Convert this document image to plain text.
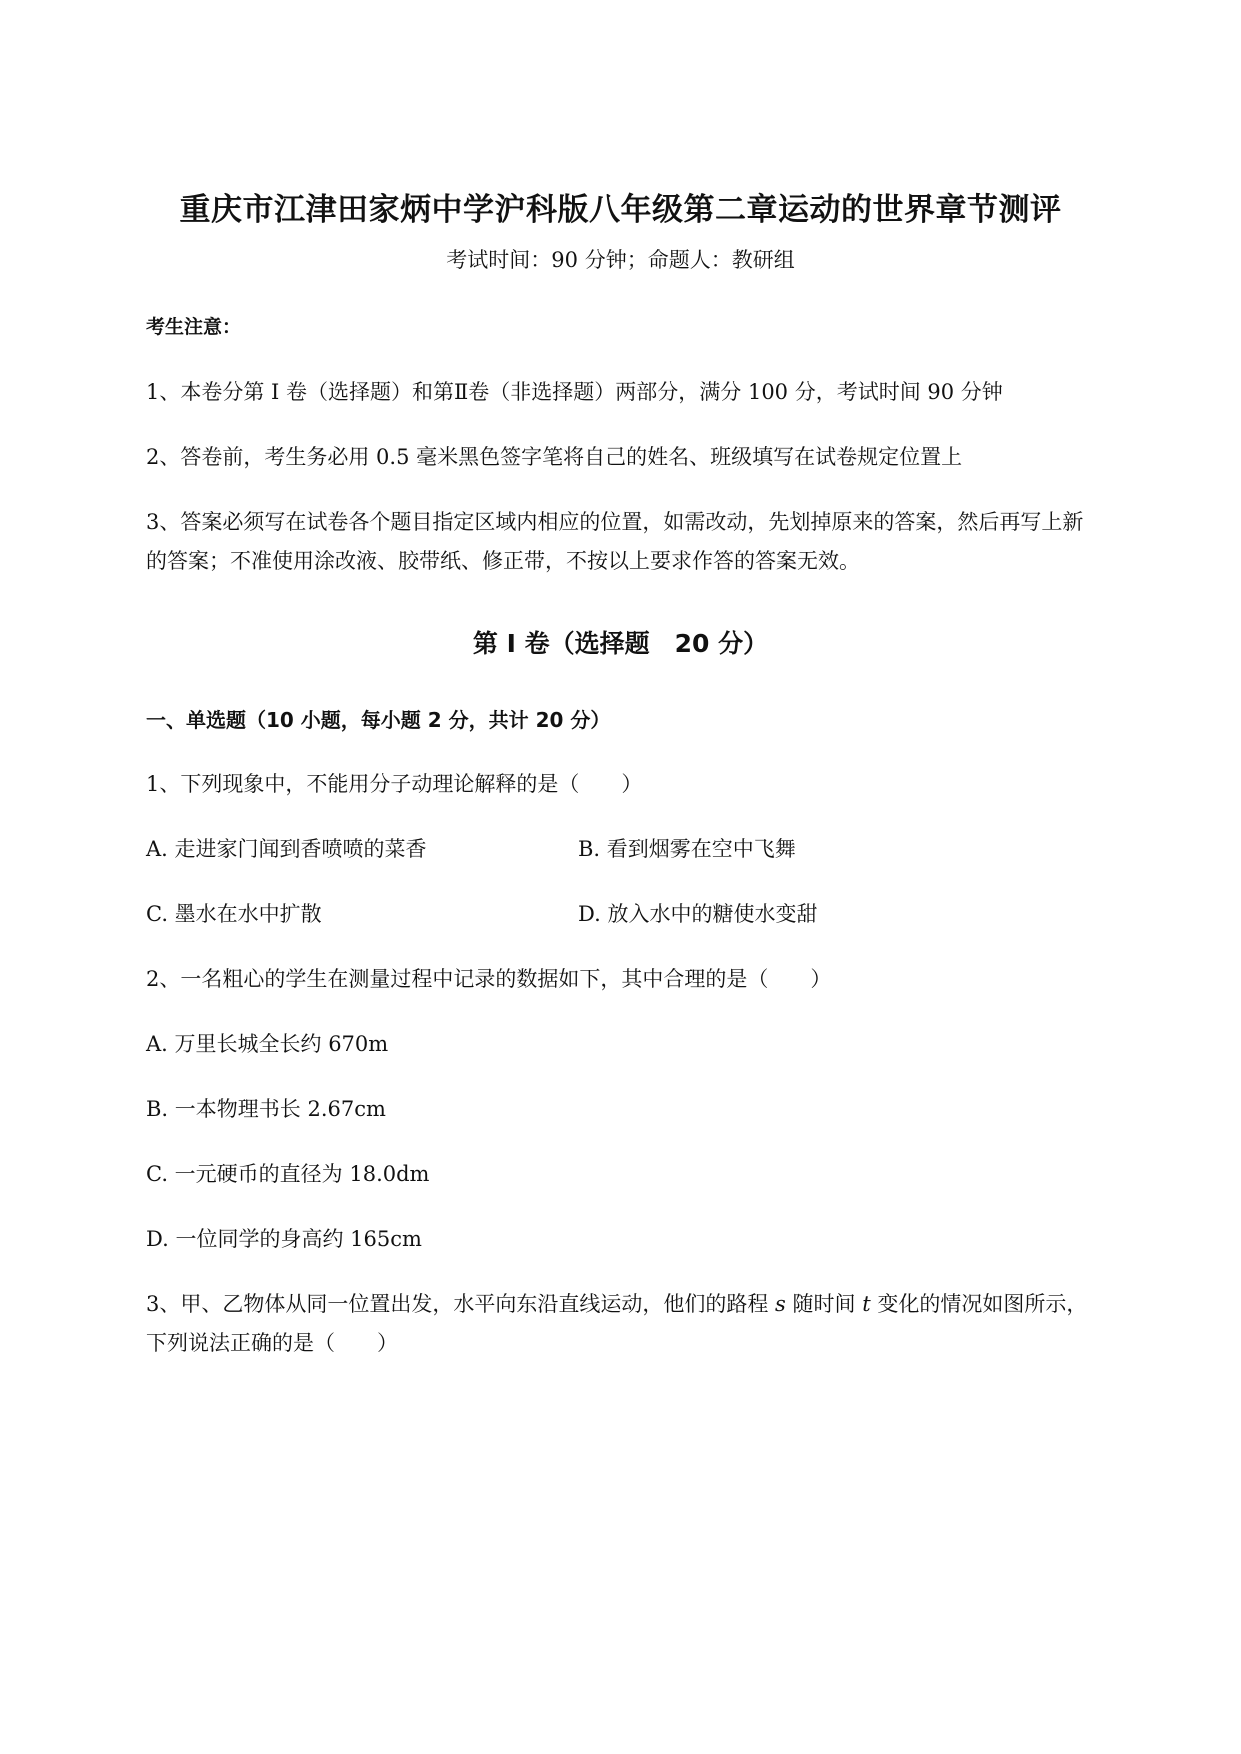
重庆市江津田家炳中学沪科版八年级第二章运动的世界章节测评
考试时间：90 分钟；命题人：教研组
考生注意：
1、本卷分第 I 卷（选择题）和第Ⅱ卷（非选择题）两部分，满分 100 分，考试时间 90 分钟
2、答卷前，考生务必用 0.5 毫米黑色签字笔将自己的姓名、班级填写在试卷规定位置上
3、答案必须写在试卷各个题目指定区域内相应的位置，如需改动，先划掉原来的答案，然后再写上新
的答案；不准使用涂改液、胶带纸、修正带，不按以上要求作答的答案无效。
第 I 卷（选择题　20 分）
一、单选题（10 小题，每小题 2 分，共计 20 分）
1、下列现象中，不能用分子动理论解释的是（　　）
A. 走进家门闻到香喷喷的菜香	B. 看到烟雾在空中飞舞
C. 墨水在水中扩散	D. 放入水中的糖使水变甜
2、一名粗心的学生在测量过程中记录的数据如下，其中合理的是（　　）
A. 万里长城全长约 670m
B. 一本物理书长 2.67cm
C. 一元硬币的直径为 18.0dm
D. 一位同学的身高约 165cm
3、甲、乙物体从同一位置出发，水平向东沿直线运动，他们的路程 s 随时间 t 变化的情况如图所示，
下列说法正确的是（　　）
